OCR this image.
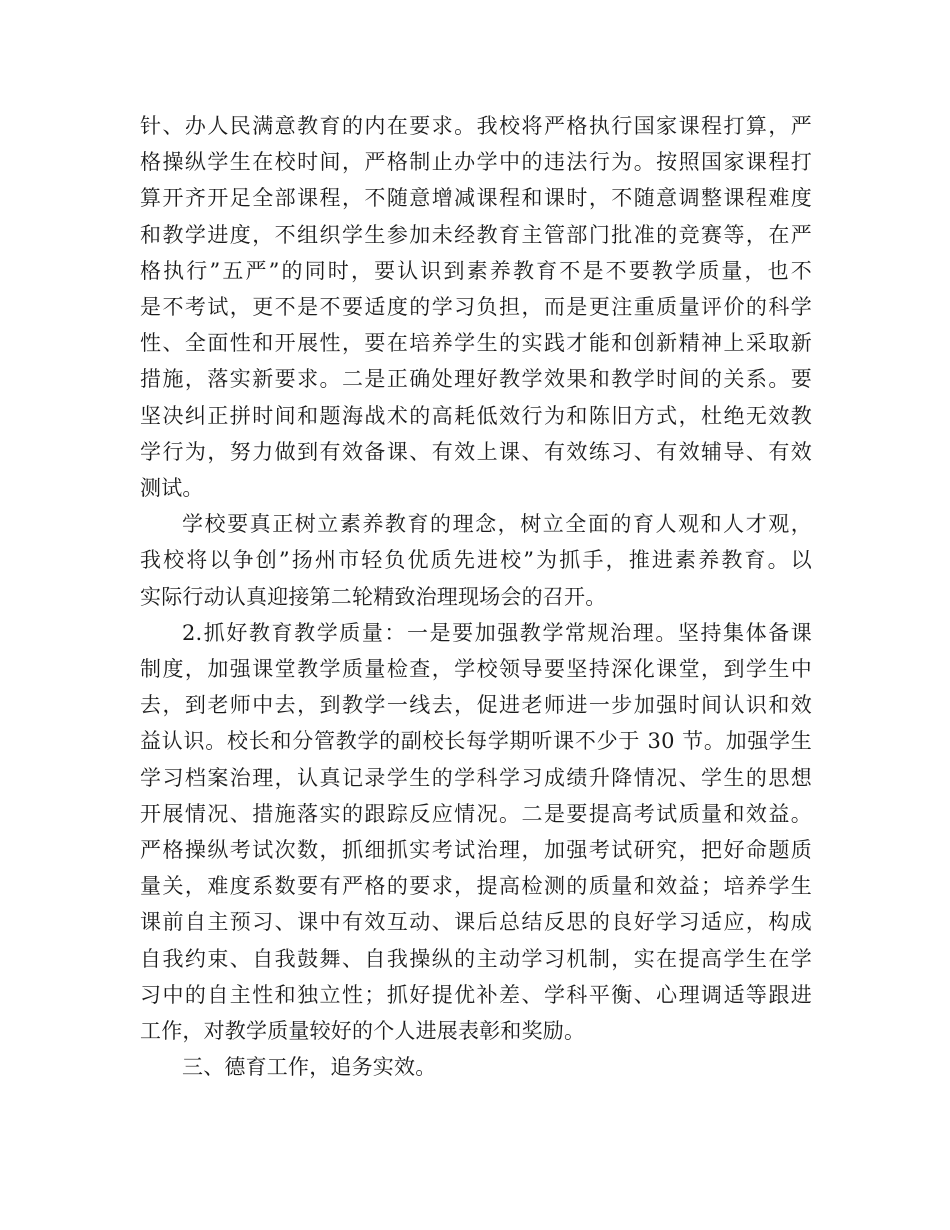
针、办人民满意教育的内在要求。我校将严格执行国家课程打算，严
格操纵学生在校时间，严格制止办学中的违法行为。按照国家课程打
算开齐开足全部课程，不随意增减课程和课时，不随意调整课程难度
和教学进度，不组织学生参加未经教育主管部门批准的竞赛等，在严
格执行”五严”的同时，要认识到素养教育不是不要教学质量，也不
是不考试，更不是不要适度的学习负担，而是更注重质量评价的科学
性、全面性和开展性，要在培养学生的实践才能和创新精神上采取新
措施，落实新要求。二是正确处理好教学效果和教学时间的关系。要
坚决纠正拼时间和题海战术的高耗低效行为和陈旧方式，杜绝无效教
学行为，努力做到有效备课、有效上课、有效练习、有效辅导、有效
测试。

学校要真正树立素养教育的理念，树立全面的育人观和人才观，
我校将以争创”扬州市轻负优质先进校”为抓手，推进素养教育。以
实际行动认真迎接第二轮精致治理现场会的召开。

2.抓好教育教学质量：一是要加强教学常规治理。坚持集体备课
制度，加强课堂教学质量检查，学校领导要坚持深化课堂，到学生中
去，到老师中去，到教学一线去，促进老师进一步加强时间认识和效
益认识。校长和分管教学的副校长每学期听课不少于 30 节。加强学生
学习档案治理，认真记录学生的学科学习成绩升降情况、学生的思想
开展情况、措施落实的跟踪反应情况。二是要提高考试质量和效益。
严格操纵考试次数，抓细抓实考试治理，加强考试研究，把好命题质
量关，难度系数要有严格的要求，提高检测的质量和效益；培养学生
课前自主预习、课中有效互动、课后总结反思的良好学习适应，构成
自我约束、自我鼓舞、自我操纵的主动学习机制，实在提高学生在学
习中的自主性和独立性；抓好提优补差、学科平衡、心理调适等跟进
工作，对教学质量较好的个人进展表彰和奖励。

三、德育工作，追务实效。
